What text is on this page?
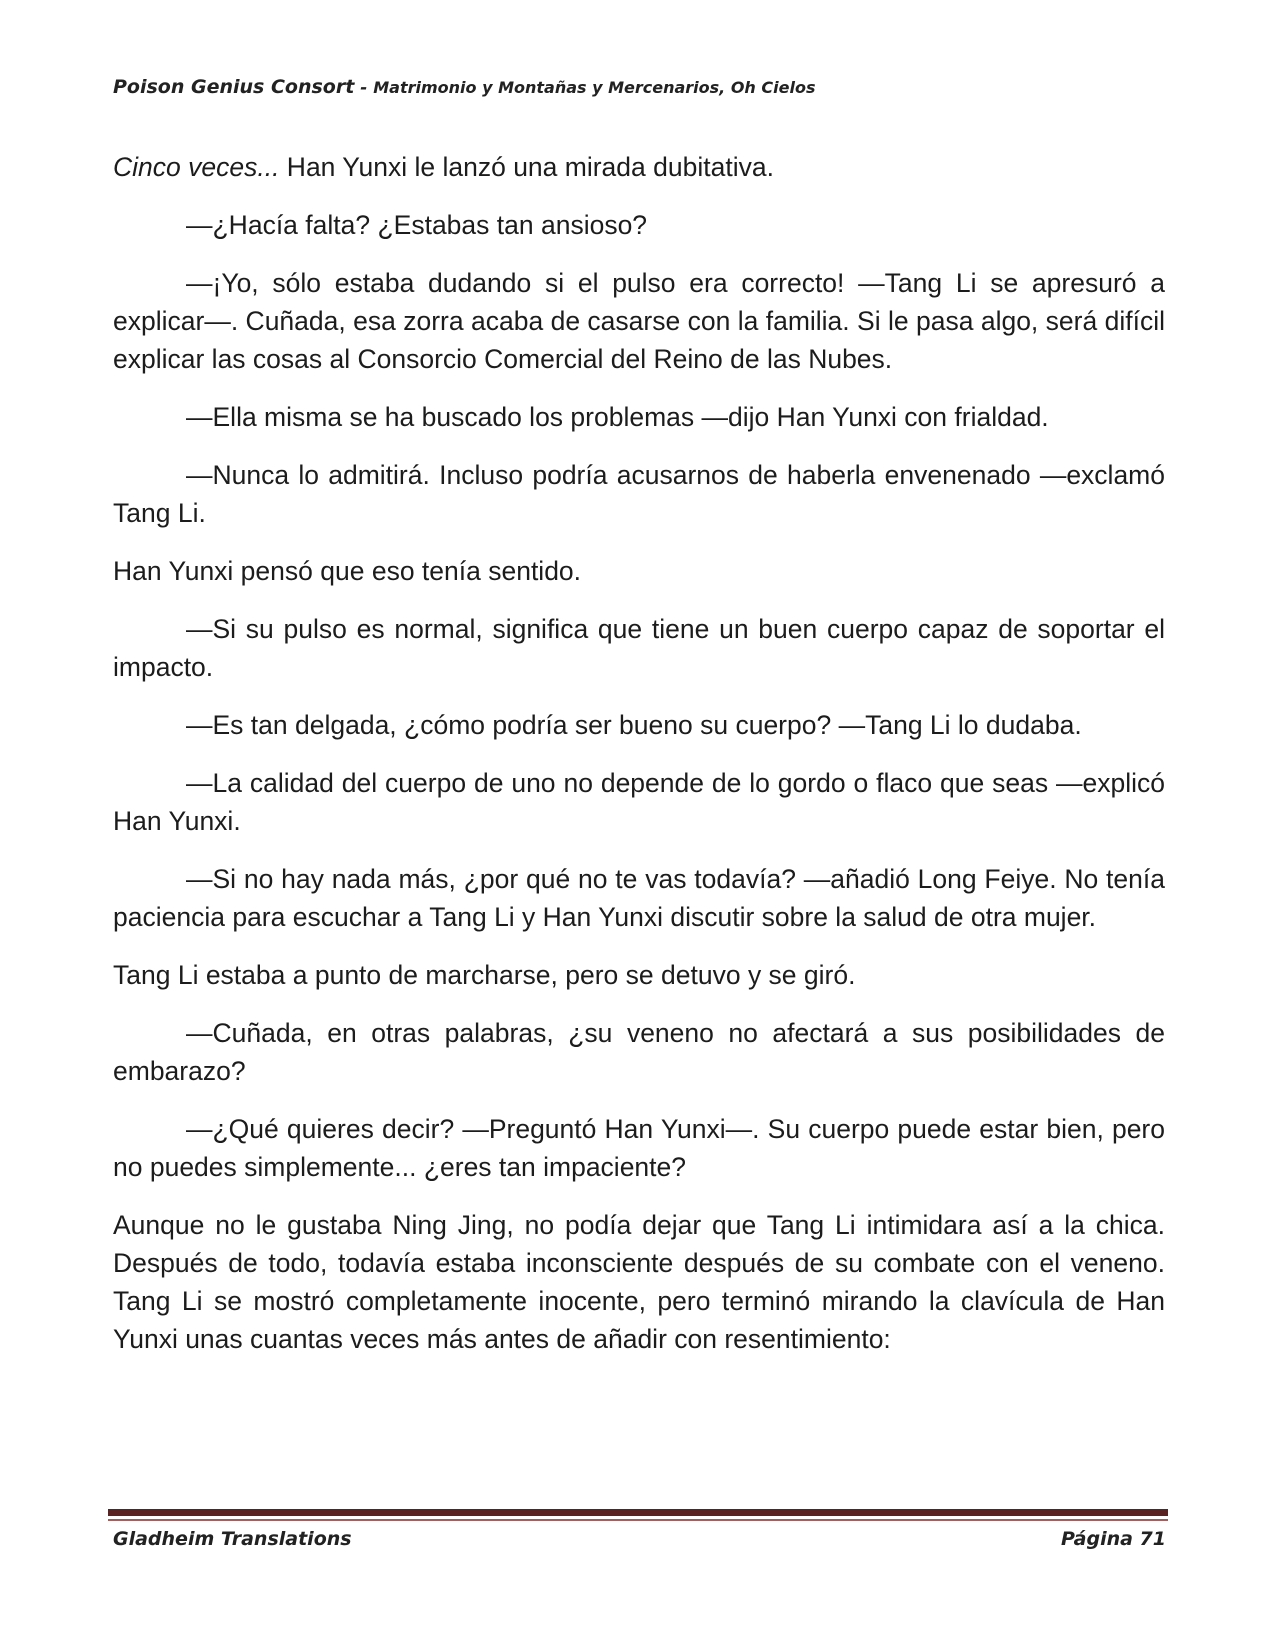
Poison Genius Consort - Matrimonio y Montañas y Mercenarios, Oh Cielos

Cinco veces... Han Yunxi le lanzó una mirada dubitativa.

—¿Hacía falta? ¿Estabas tan ansioso?

—¡Yo, sólo estaba dudando si el pulso era correcto! —Tang Li se apresuró a explicar—. Cuñada, esa zorra acaba de casarse con la familia. Si le pasa algo, será difícil explicar las cosas al Consorcio Comercial del Reino de las Nubes.

—Ella misma se ha buscado los problemas —dijo Han Yunxi con frialdad.

—Nunca lo admitirá. Incluso podría acusarnos de haberla envenenado —exclamó Tang Li.

Han Yunxi pensó que eso tenía sentido.

—Si su pulso es normal, significa que tiene un buen cuerpo capaz de soportar el impacto.

—Es tan delgada, ¿cómo podría ser bueno su cuerpo? —Tang Li lo dudaba.

—La calidad del cuerpo de uno no depende de lo gordo o flaco que seas —explicó Han Yunxi.

—Si no hay nada más, ¿por qué no te vas todavía? —añadió Long Feiye. No tenía paciencia para escuchar a Tang Li y Han Yunxi discutir sobre la salud de otra mujer.

Tang Li estaba a punto de marcharse, pero se detuvo y se giró.

—Cuñada, en otras palabras, ¿su veneno no afectará a sus posibilidades de embarazo?

—¿Qué quieres decir? —Preguntó Han Yunxi—. Su cuerpo puede estar bien, pero no puedes simplemente... ¿eres tan impaciente?

Aunque no le gustaba Ning Jing, no podía dejar que Tang Li intimidara así a la chica. Después de todo, todavía estaba inconsciente después de su combate con el veneno. Tang Li se mostró completamente inocente, pero terminó mirando la clavícula de Han Yunxi unas cuantas veces más antes de añadir con resentimiento:

Gladheim Translations	Página 71
